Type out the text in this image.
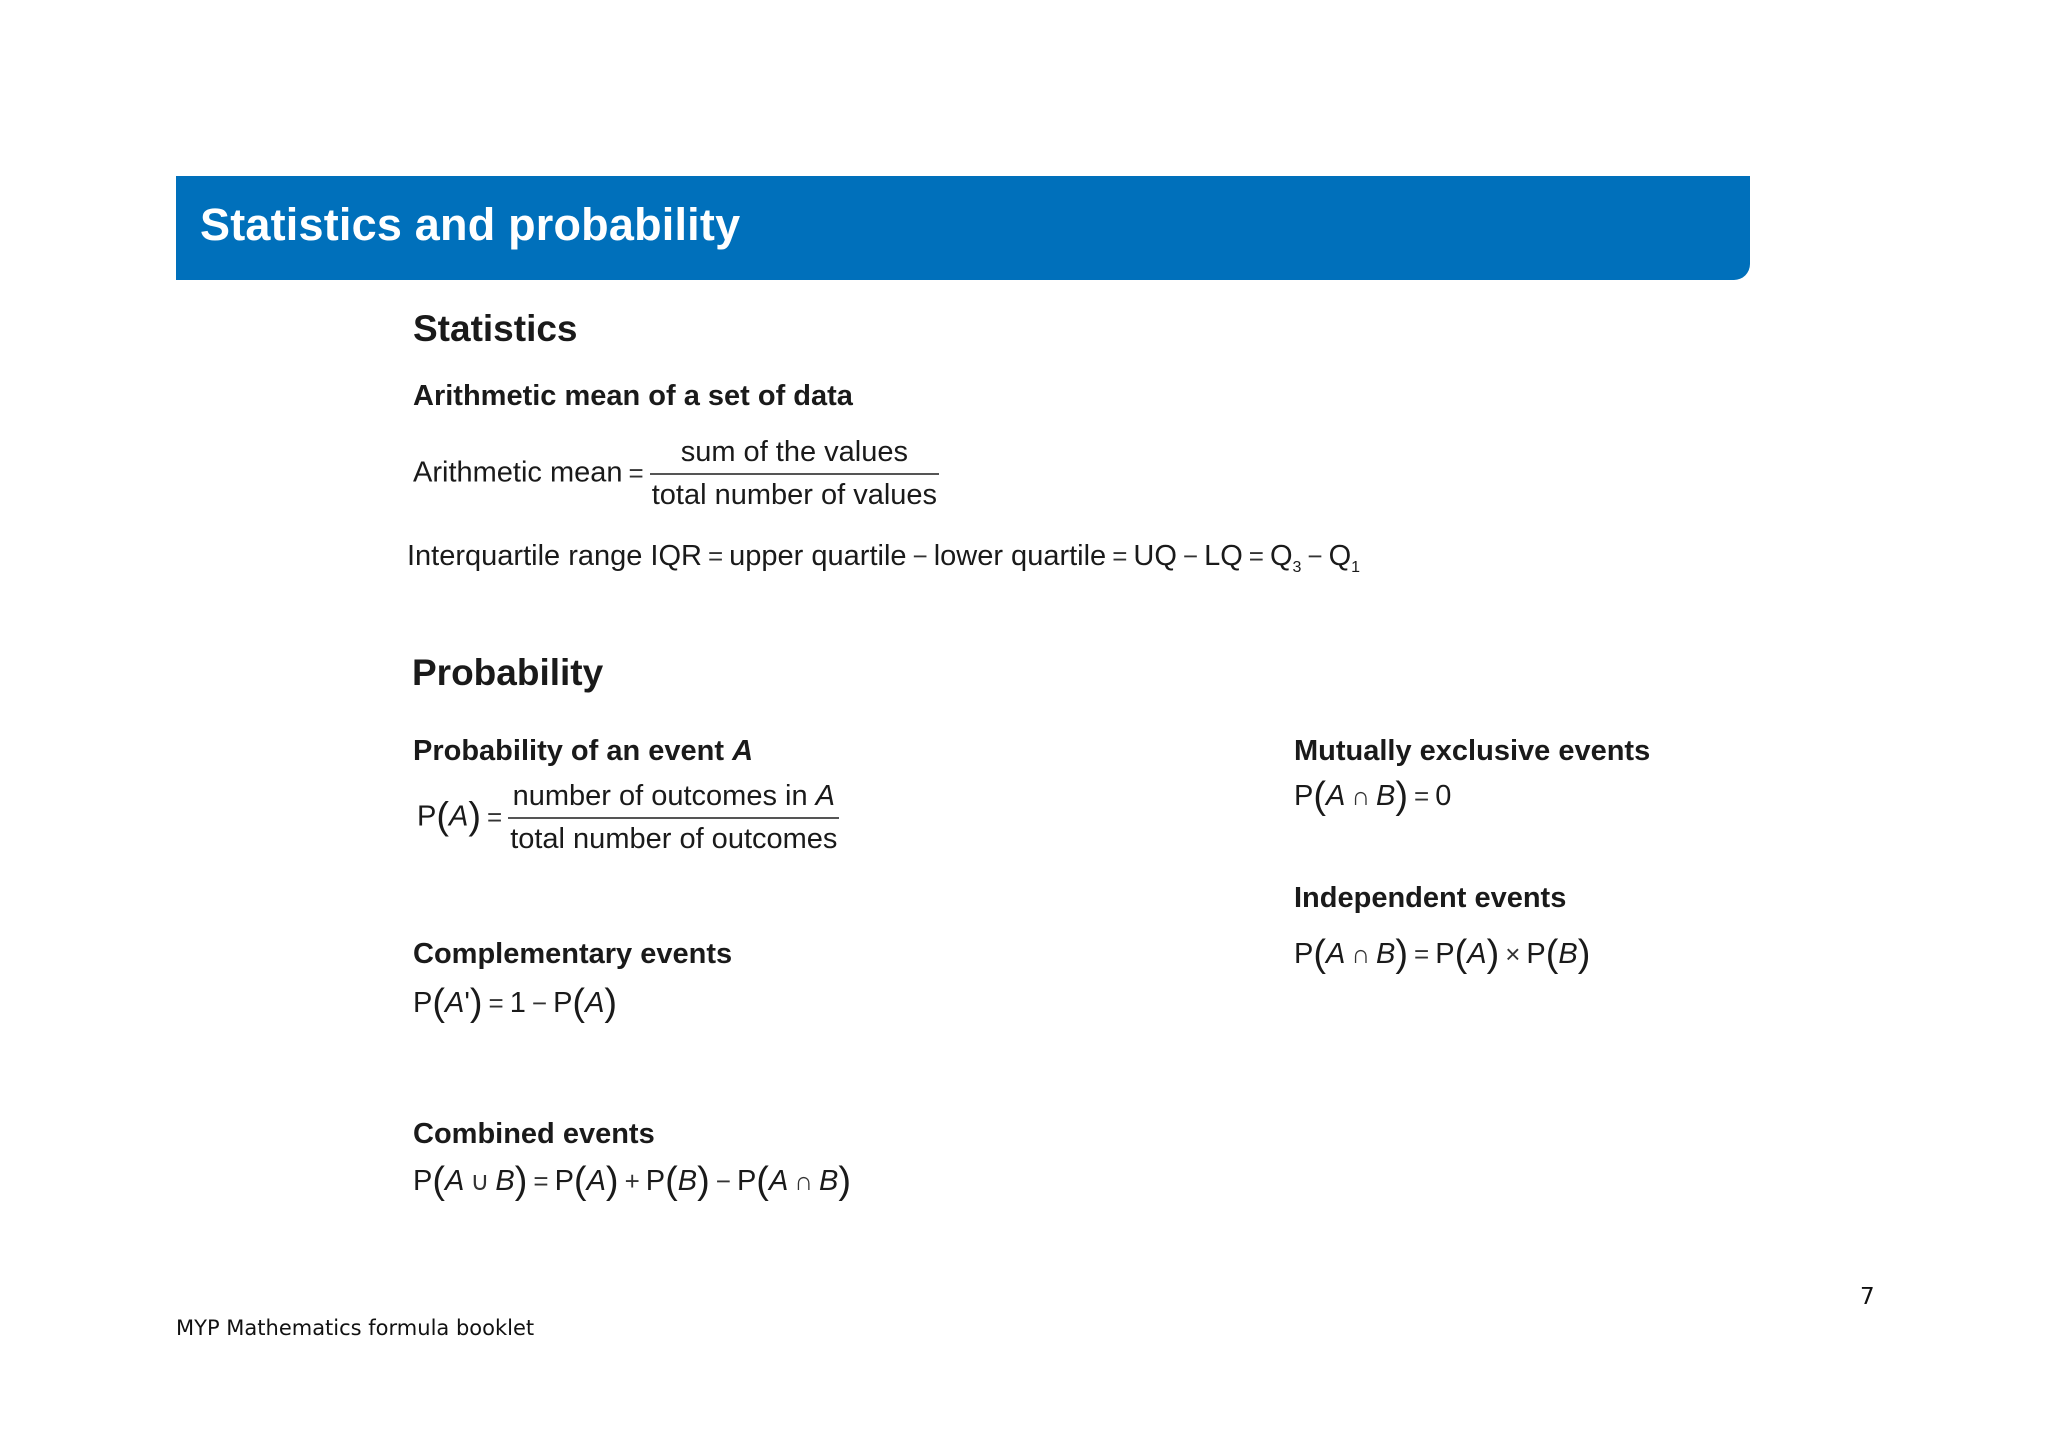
Statistics and probability
Statistics
Arithmetic mean of a set of data
Arithmetic mean = $\frac{\text{sum of the values}}{\text{total number of values}}$
Interquartile range IQR = upper quartile − lower quartile = UQ − LQ = $Q_3 - Q_1$
Probability
Probability of an event A
$P(A) = \frac{\text{number of outcomes in A}}{\text{total number of outcomes}}$
Complementary events
P(A') = 1 − P(A)
Combined events
P(A ∪ B) = P(A) + P(B) − P(A ∩ B)
Mutually exclusive events
P(A ∩ B) = 0
Independent events
P(A ∩ B) = P(A) × P(B)
7
MYP Mathematics formula booklet
